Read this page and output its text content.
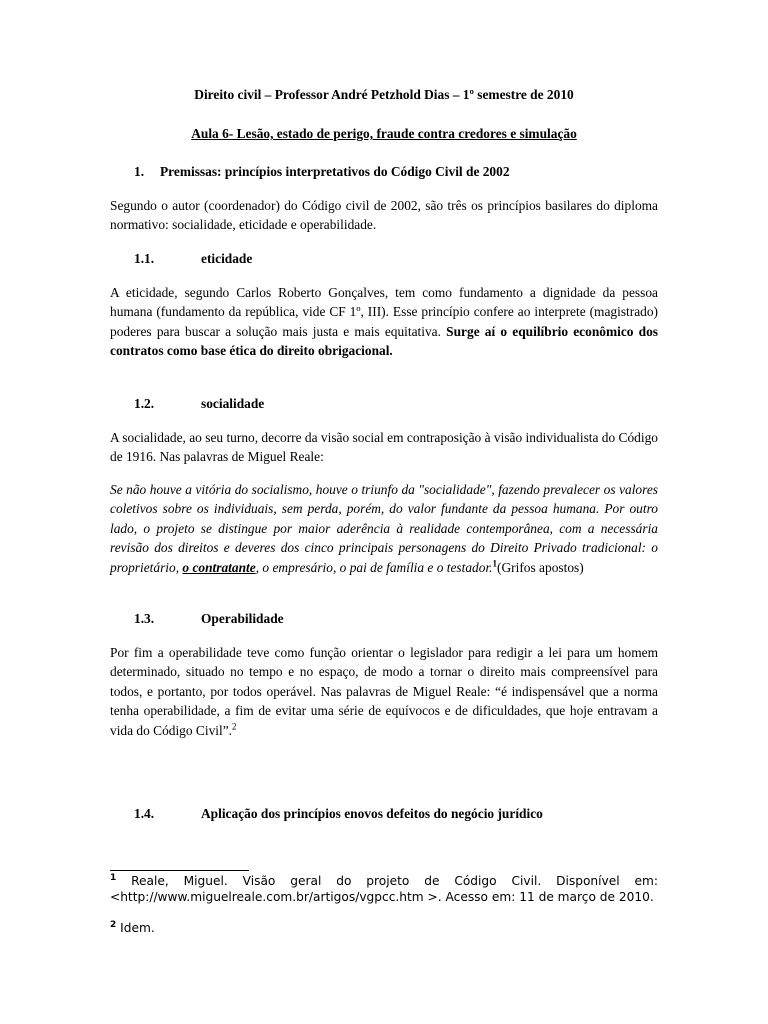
Direito civil – Professor André Petzhold Dias – 1º semestre de 2010
Aula 6- Lesão, estado de perigo, fraude contra credores e simulação
1. Premissas: princípios interpretativos do Código Civil de 2002

Segundo o autor (coordenador) do Código civil de 2002, são três os princípios basilares do diploma normativo: socialidade, eticidade e operabilidade.

1.1.	eticidade

A eticidade, segundo Carlos Roberto Gonçalves, tem como fundamento a dignidade da pessoa humana (fundamento da república, vide CF 1º, III). Esse princípio confere ao interprete (magistrado) poderes para buscar a solução mais justa e mais equitativa. Surge aí o equilíbrio econômico dos contratos como base ética do direito obrigacional.

1.2.	socialidade

A socialidade, ao seu turno, decorre da visão social em contraposição à visão individualista do Código de 1916. Nas palavras de Miguel Reale:

Se não houve a vitória do socialismo, houve o triunfo da "socialidade", fazendo prevalecer os valores coletivos sobre os individuais, sem perda, porém, do valor fundante da pessoa humana. Por outro lado, o projeto se distingue por maior aderência à realidade contemporânea, com a necessária revisão dos direitos e deveres dos cinco principais personagens do Direito Privado tradicional: o proprietário, o contratante, o empresário, o pai de família e o testador.$^1$(Grifos apostos)

1.3.	Operabilidade

Por fim a operabilidade teve como função orientar o legislador para redigir a lei para um homem determinado, situado no tempo e no espaço, de modo a tornar o direito mais compreensível para todos, e portanto, por todos operável. Nas palavras de Miguel Reale: “é indispensável que a norma tenha operabilidade, a fim de evitar uma série de equívocos e de dificuldades, que hoje entravam a vida do Código Civil”.$^2$

1.4.	Aplicação dos princípios enovos defeitos do negócio jurídico

$^1$ Reale, Miguel. Visão geral do projeto de Código Civil. Disponível em: <http://www.miguelreale.com.br/artigos/vgpcc.htm >. Acesso em: 11 de março de 2010.

$^2$ Idem.
